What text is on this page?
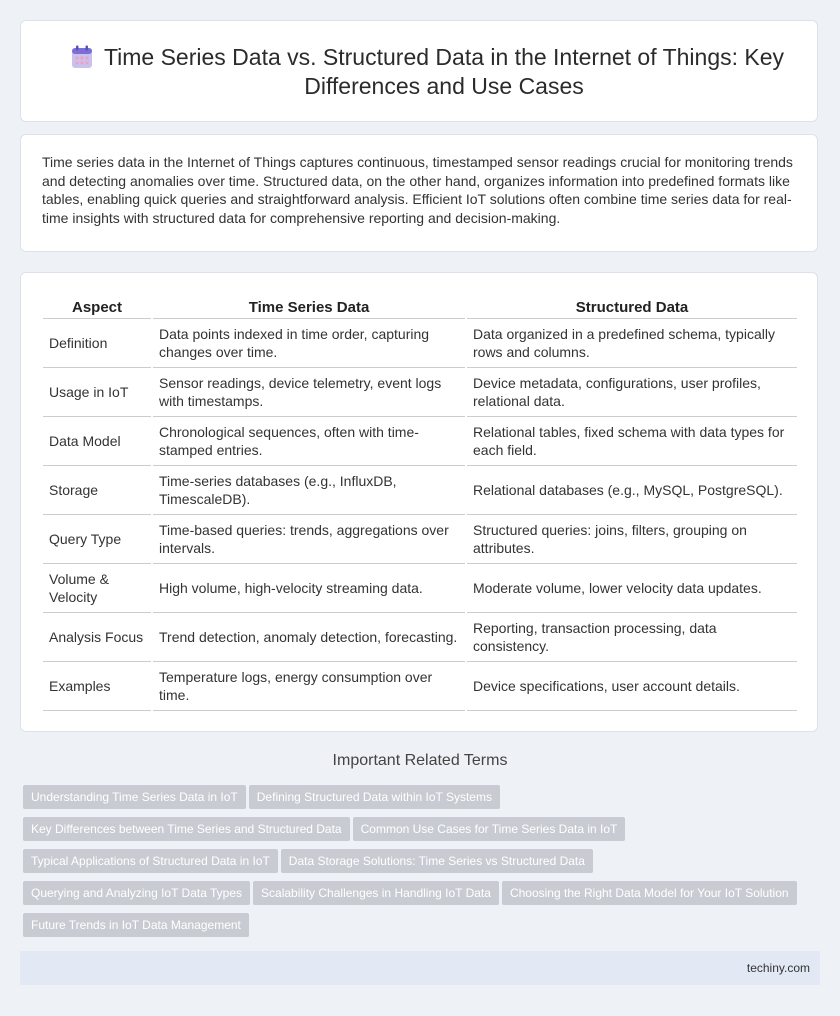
Time Series Data vs. Structured Data in the Internet of Things: Key Differences and Use Cases

Time series data in the Internet of Things captures continuous, timestamped sensor readings crucial for monitoring trends and detecting anomalies over time. Structured data, on the other hand, organizes information into predefined formats like tables, enabling quick queries and straightforward analysis. Efficient IoT solutions often combine time series data for real-time insights with structured data for comprehensive reporting and decision-making.

Aspect	Time Series Data	Structured Data
Definition	Data points indexed in time order, capturing changes over time.	Data organized in a predefined schema, typically rows and columns.
Usage in IoT	Sensor readings, device telemetry, event logs with timestamps.	Device metadata, configurations, user profiles, relational data.
Data Model	Chronological sequences, often with time-stamped entries.	Relational tables, fixed schema with data types for each field.
Storage	Time-series databases (e.g., InfluxDB, TimescaleDB).	Relational databases (e.g., MySQL, PostgreSQL).
Query Type	Time-based queries: trends, aggregations over intervals.	Structured queries: joins, filters, grouping on attributes.
Volume & Velocity	High volume, high-velocity streaming data.	Moderate volume, lower velocity data updates.
Analysis Focus	Trend detection, anomaly detection, forecasting.	Reporting, transaction processing, data consistency.
Examples	Temperature logs, energy consumption over time.	Device specifications, user account details.
Important Related Terms
Understanding Time Series Data in IoT Defining Structured Data within IoT Systems
Key Differences between Time Series and Structured Data Common Use Cases for Time Series Data in IoT
Typical Applications of Structured Data in IoT Data Storage Solutions: Time Series vs Structured Data
Querying and Analyzing IoT Data Types Scalability Challenges in Handling IoT Data Choosing the Right Data Model for Your IoT Solution
Future Trends in IoT Data Management
techiny.com
